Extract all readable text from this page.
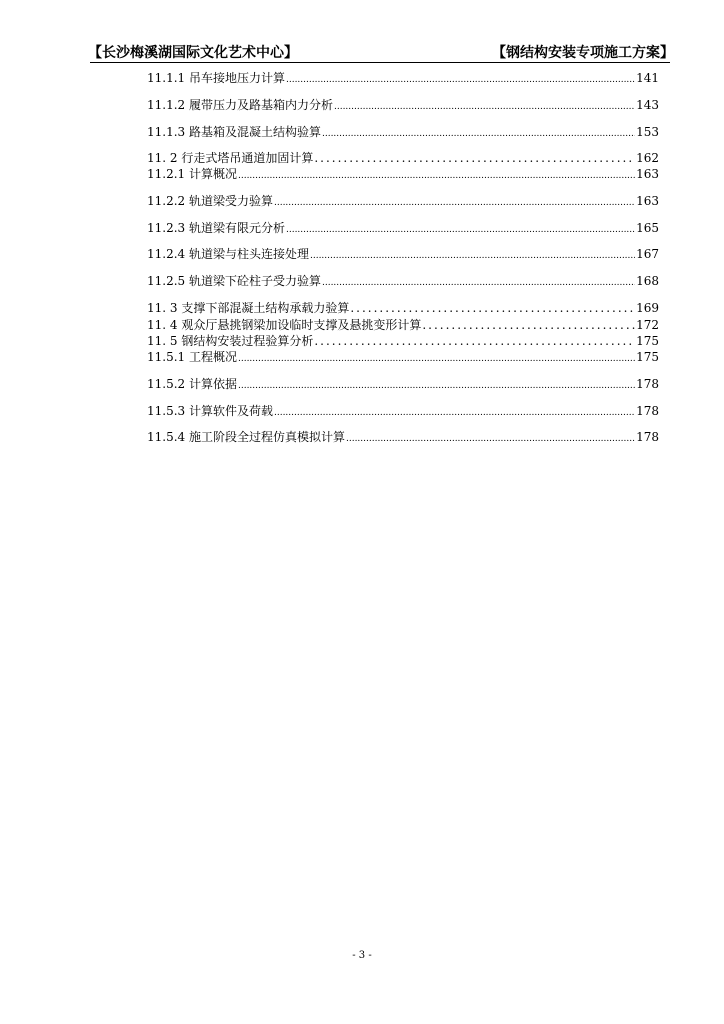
【长沙梅溪湖国际文化艺术中心】	【钢结构安装专项施工方案】
11.1.1 吊车接地压力计算 .....	141
11.1.2 履带压力及路基箱内力分析 .....	143
11.1.3 路基箱及混凝土结构验算 .....	153
11. 2 行走式塔吊通道加固计算 .....	162
11.2.1 计算概况 .....	163
11.2.2 轨道梁受力验算 .....	163
11.2.3 轨道梁有限元分析 .....	165
11.2.4 轨道梁与柱头连接处理 .....	167
11.2.5 轨道梁下砼柱子受力验算 .....	168
11. 3 支撑下部混凝土结构承载力验算 .....	169
11. 4 观众厅悬挑钢梁加设临时支撑及悬挑变形计算 .....	172
11. 5 钢结构安装过程验算分析 .....	175
11.5.1 工程概况 .....	175
11.5.2 计算依据 .....	178
11.5.3 计算软件及荷载 .....	178
11.5.4 施工阶段全过程仿真模拟计算 .....	178
- 3 -
